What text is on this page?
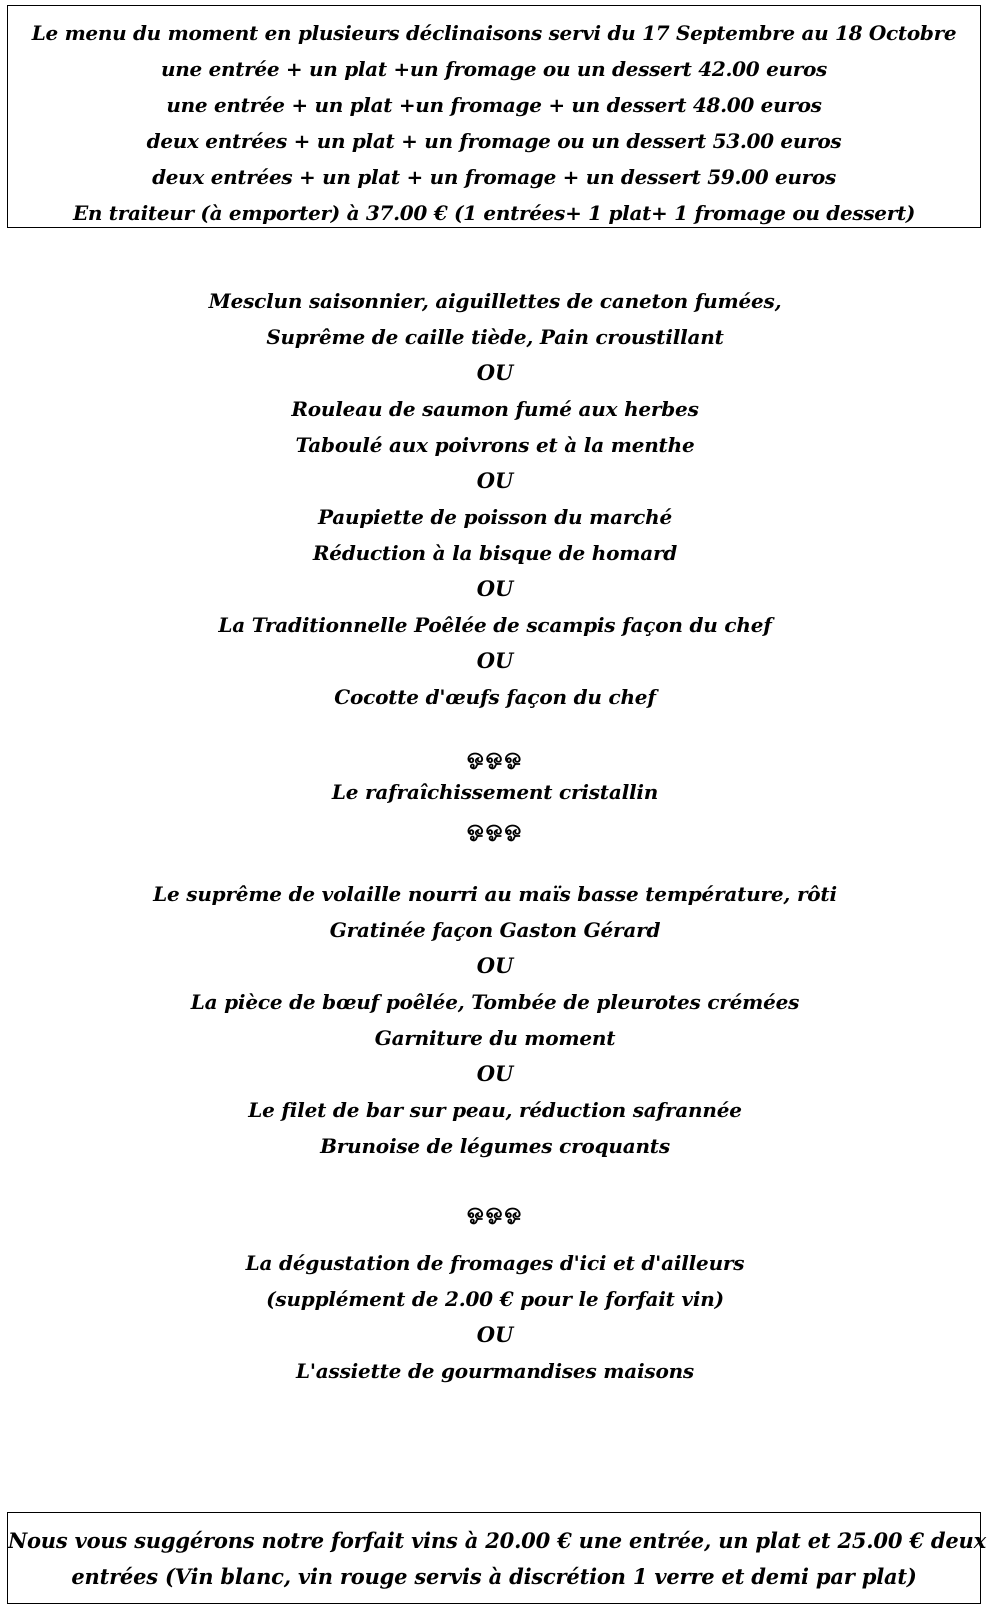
Le menu du moment en plusieurs déclinaisons servi du 17 Septembre au 18 Octobre
une entrée + un plat +un fromage ou un dessert 42.00 euros
une entrée + un plat +un fromage + un dessert 48.00 euros
deux entrées + un plat + un fromage ou un dessert 53.00 euros
deux entrées + un plat + un fromage + un dessert 59.00 euros
En traiteur (à emporter) à 37.00 € (1 entrées+ 1 plat+ 1 fromage ou dessert)
Mesclun saisonnier, aiguillettes de caneton fumées,
Suprême de caille tiède, Pain croustillant
OU
Rouleau de saumon fumé aux herbes
Taboulé aux poivrons et à la menthe
OU
Paupiette de poisson du marché
Réduction à la bisque de homard
OU
La Traditionnelle Poêlée de scampis façon du chef
OU
Cocotte d'œufs façon du chef
ஓஓஓ
Le rafraîchissement cristallin
ஓஓஓ
Le suprême de volaille nourri au maïs basse température, rôti
Gratinée façon Gaston Gérard
OU
La pièce de bœuf poêlée, Tombée de pleurotes crémées
Garniture du moment
OU
Le filet de bar sur peau, réduction safrannée
Brunoise de légumes croquants
ஓஓஓ
La dégustation de fromages d'ici et d'ailleurs
(supplément de 2.00 € pour le forfait vin)
OU
L'assiette de gourmandises maisons
Nous vous suggérons notre forfait vins à 20.00 € une entrée, un plat et 25.00 € deux
entrées (Vin blanc, vin rouge servis à discrétion 1 verre et demi par plat)
